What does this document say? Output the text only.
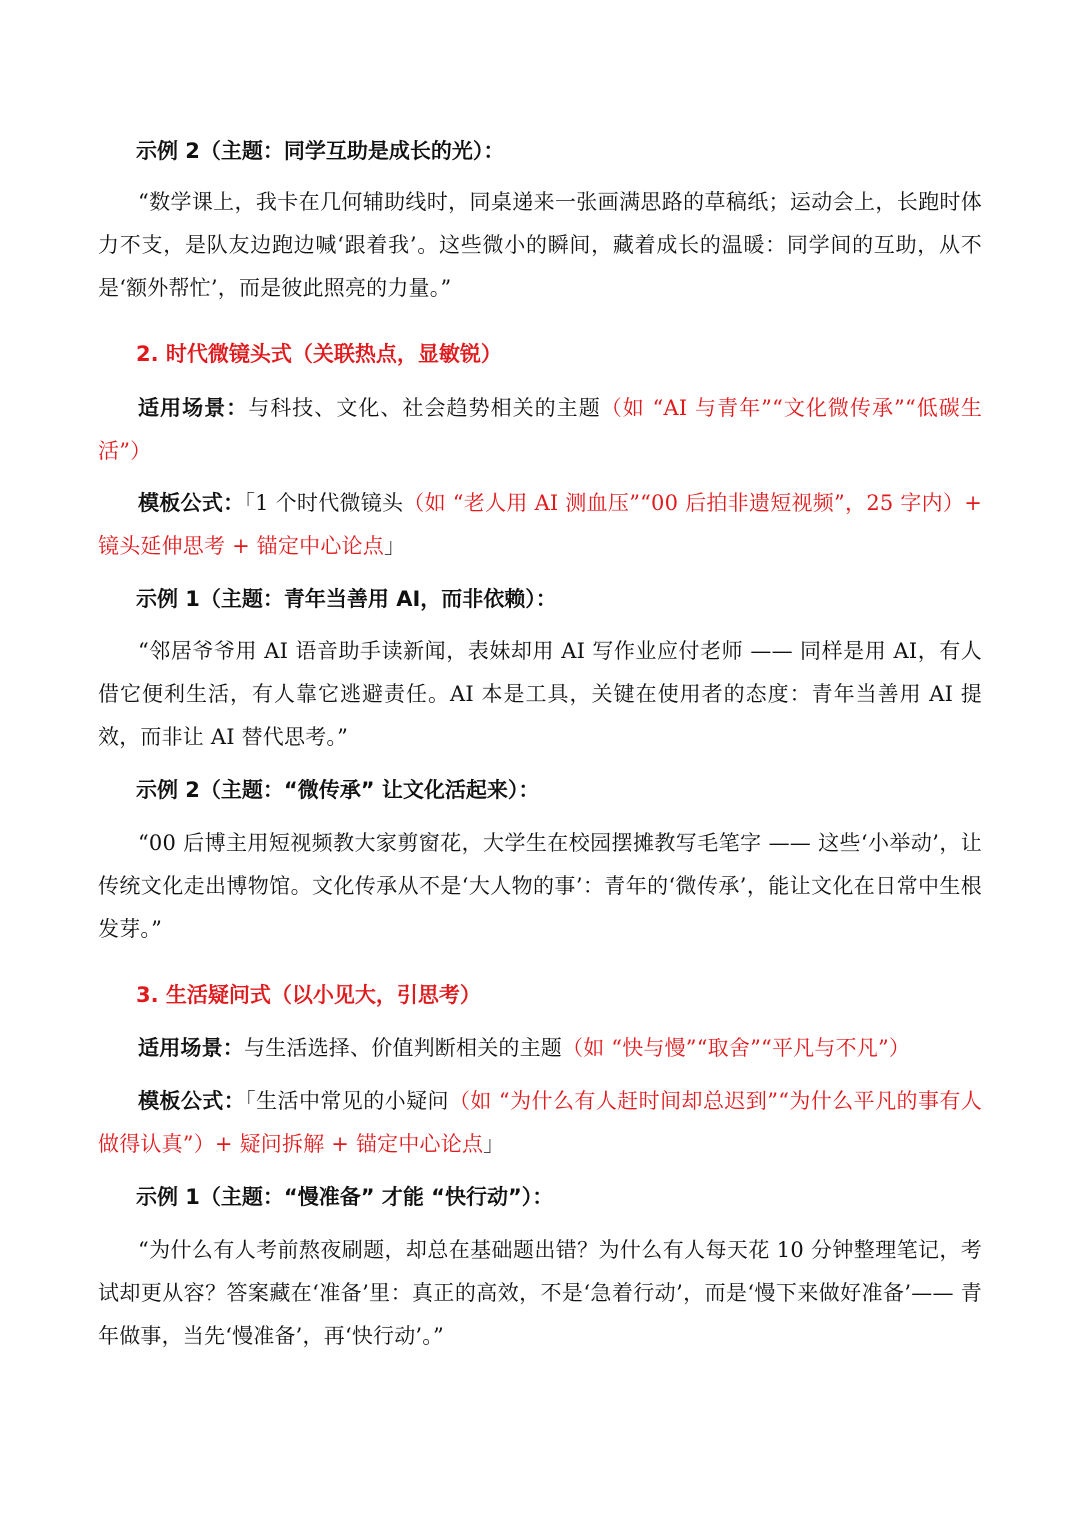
示例 2（主题：同学互助是成长的光）：

“数学课上，我卡在几何辅助线时，同桌递来一张画满思路的草稿纸；运动会上，长跑时体力不支，是队友边跑边喊‘跟着我’。这些微小的瞬间，藏着成长的温暖：同学间的互助，从不是‘额外帮忙’，而是彼此照亮的力量。”

2. 时代微镜头式（关联热点，显敏锐）

适用场景：与科技、文化、社会趋势相关的主题（如 “AI 与青年”“文化微传承”“低碳生活”）

模板公式：「1 个时代微镜头（如 “老人用 AI 测血压”“00 后拍非遗短视频”，25 字内）+ 镜头延伸思考 + 锚定中心论点」

示例 1（主题：青年当善用 AI，而非依赖）：

“邻居爷爷用 AI 语音助手读新闻，表妹却用 AI 写作业应付老师 —— 同样是用 AI，有人借它便利生活，有人靠它逃避责任。AI 本是工具，关键在使用者的态度：青年当善用 AI 提效，而非让 AI 替代思考。”

示例 2（主题：“微传承” 让文化活起来）：

“00 后博主用短视频教大家剪窗花，大学生在校园摆摊教写毛笔字 —— 这些‘小举动’，让传统文化走出博物馆。文化传承从不是‘大人物的事’：青年的‘微传承’，能让文化在日常中生根发芽。”

3. 生活疑问式（以小见大，引思考）

适用场景：与生活选择、价值判断相关的主题（如 “快与慢”“取舍”“平凡与不凡”）

模板公式：「生活中常见的小疑问（如 “为什么有人赶时间却总迟到”“为什么平凡的事有人做得认真”）+ 疑问拆解 + 锚定中心论点」

示例 1（主题：“慢准备” 才能 “快行动”）：

“为什么有人考前熬夜刷题，却总在基础题出错？为什么有人每天花 10 分钟整理笔记，考试却更从容？答案藏在‘准备’里：真正的高效，不是‘急着行动’，而是‘慢下来做好准备’—— 青年做事，当先‘慢准备’，再‘快行动’。”
